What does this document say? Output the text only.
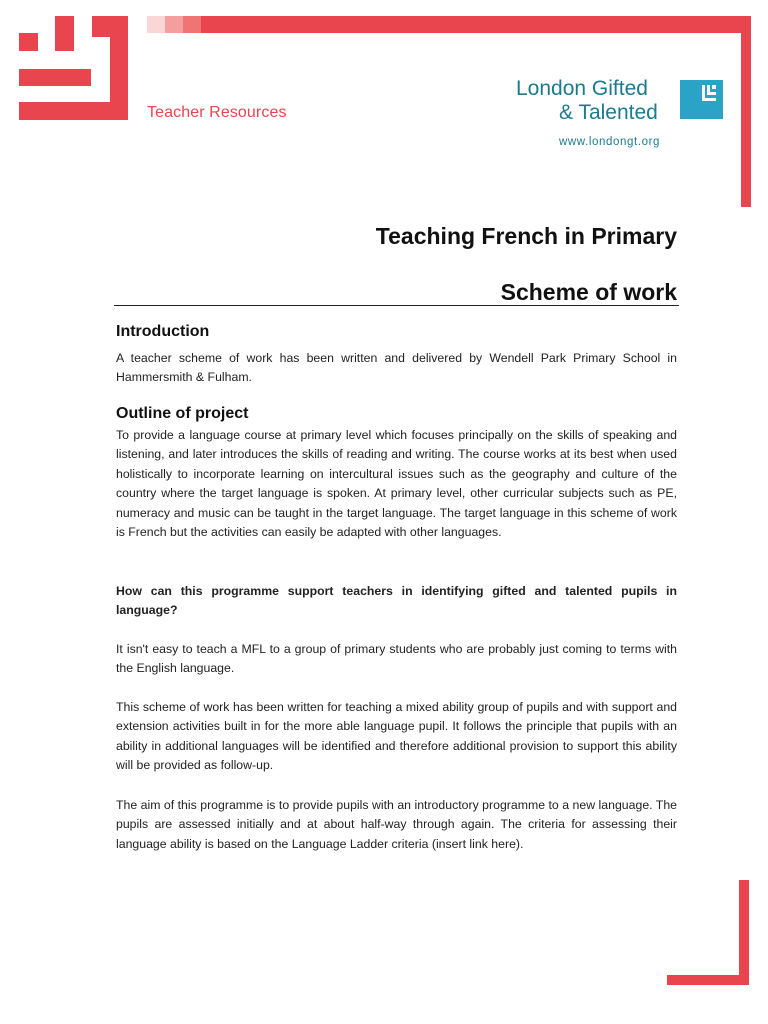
Teacher Resources
London Gifted
& Talented
www.londongt.org
Teaching French in Primary
Scheme of work
Introduction
A teacher scheme of work has been written and delivered by Wendell Park Primary School in Hammersmith & Fulham.
Outline of project
To provide a language course at primary level which focuses principally on the skills of speaking and listening, and later introduces the skills of reading and writing. The course works at its best when used holistically to incorporate learning on intercultural issues such as the geography and culture of the country where the target language is spoken. At primary level, other curricular subjects such as PE, numeracy and music can be taught in the target language. The target language in this scheme of work is French but the activities can easily be adapted with other languages.
How can this programme support teachers in identifying gifted and talented pupils in language?
It isn't easy to teach a MFL to a group of primary students who are probably just coming to terms with the English language.
This scheme of work has been written for teaching a mixed ability group of pupils and with support and extension activities built in for the more able language pupil. It follows the principle that pupils with an ability in additional languages will be identified and therefore additional provision to support this ability will be provided as follow-up.
The aim of this programme is to provide pupils with an introductory programme to a new language. The pupils are assessed initially and at about half-way through again. The criteria for assessing their language ability is based on the Language Ladder criteria (insert link here).
